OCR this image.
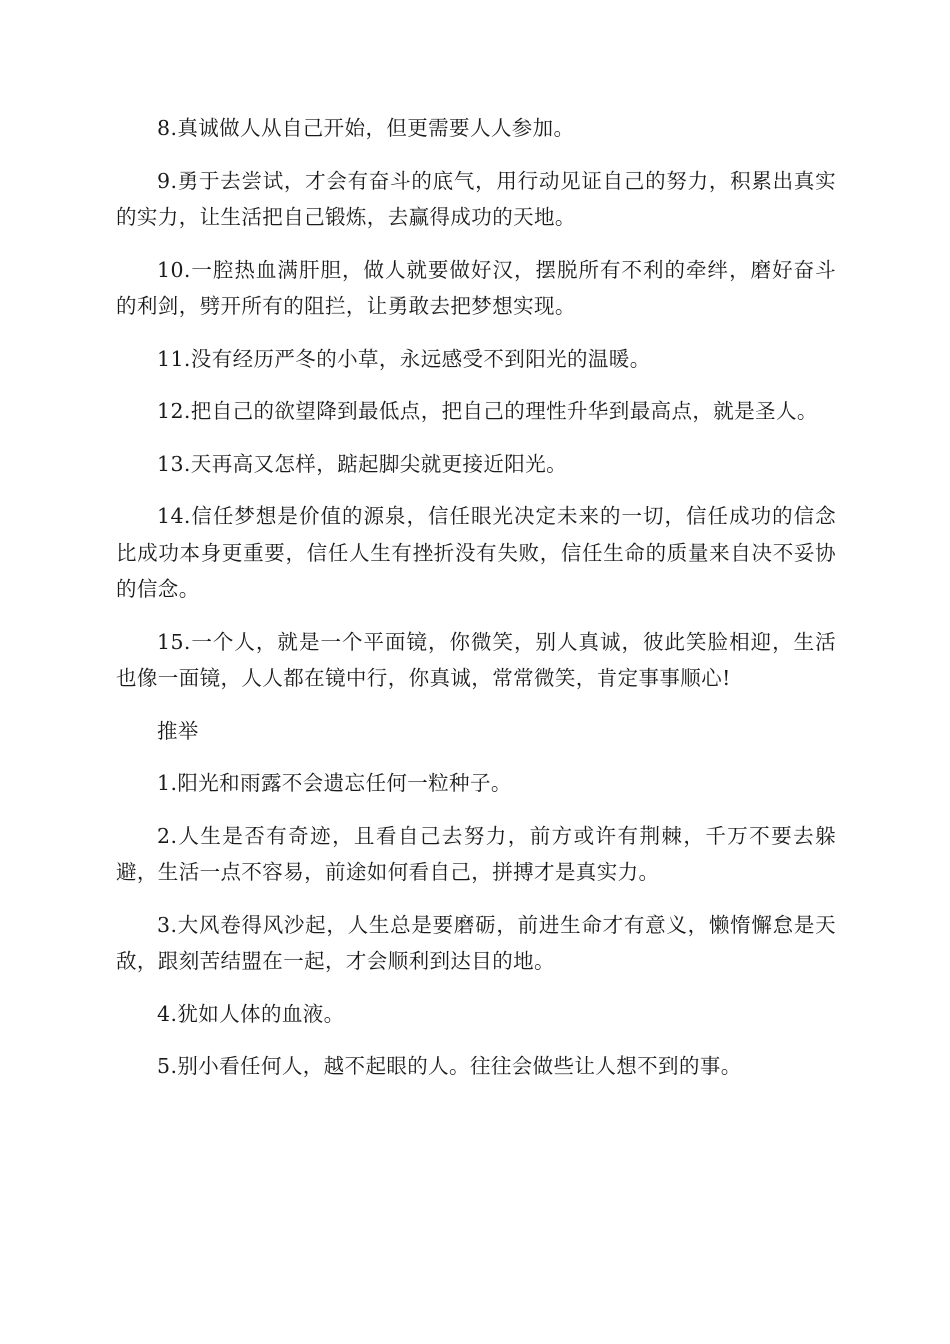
8.真诚做人从自己开始，但更需要人人参加。

9.勇于去尝试，才会有奋斗的底气，用行动见证自己的努力，积累出真实的实力，让生活把自己锻炼，去赢得成功的天地。

10.一腔热血满肝胆，做人就要做好汉，摆脱所有不利的牵绊，磨好奋斗的利剑，劈开所有的阻拦，让勇敢去把梦想实现。

11.没有经历严冬的小草，永远感受不到阳光的温暖。

12.把自己的欲望降到最低点，把自己的理性升华到最高点，就是圣人。

13.天再高又怎样，踮起脚尖就更接近阳光。

14.信任梦想是价值的源泉，信任眼光决定未来的一切，信任成功的信念比成功本身更重要，信任人生有挫折没有失败，信任生命的质量来自决不妥协的信念。

15.一个人，就是一个平面镜，你微笑，别人真诚，彼此笑脸相迎，生活也像一面镜，人人都在镜中行，你真诚，常常微笑，肯定事事顺心!

推举

1.阳光和雨露不会遗忘任何一粒种子。

2.人生是否有奇迹，且看自己去努力，前方或许有荆棘，千万不要去躲避，生活一点不容易，前途如何看自己，拼搏才是真实力。

3.大风卷得风沙起，人生总是要磨砺，前进生命才有意义，懒惰懈怠是天敌，跟刻苦结盟在一起，才会顺利到达目的地。

4.犹如人体的血液。

5.别小看任何人，越不起眼的人。往往会做些让人想不到的事。
